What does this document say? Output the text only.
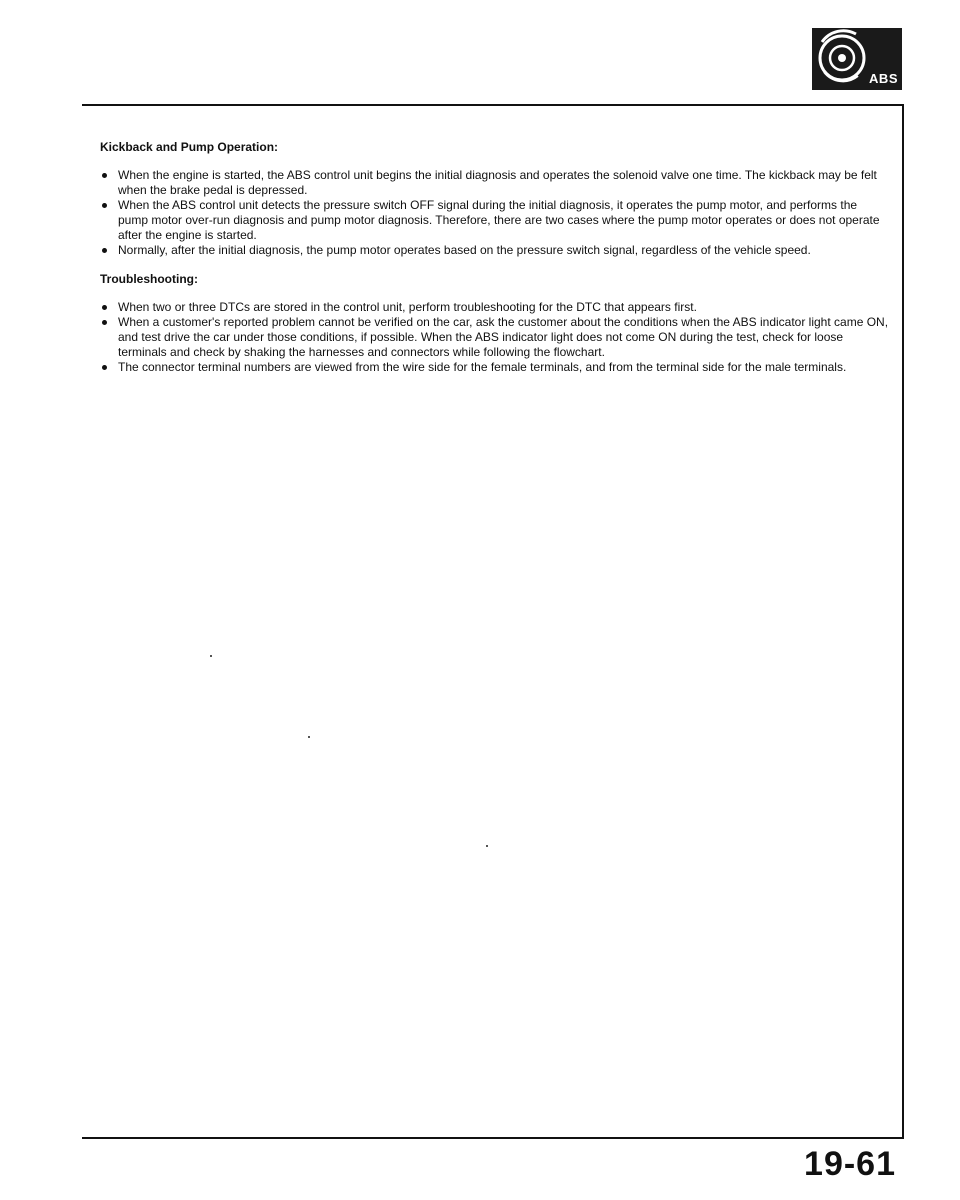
ABS
Kickback and Pump Operation:
When the engine is started, the ABS control unit begins the initial diagnosis and operates the solenoid valve one time. The kickback may be felt when the brake pedal is depressed.
When the ABS control unit detects the pressure switch OFF signal during the initial diagnosis, it operates the pump motor, and performs the pump motor over-run diagnosis and pump motor diagnosis. Therefore, there are two cases where the pump motor operates or does not operate after the engine is started.
Normally, after the initial diagnosis, the pump motor operates based on the pressure switch signal, regardless of the vehicle speed.
Troubleshooting:
When two or three DTCs are stored in the control unit, perform troubleshooting for the DTC that appears first.
When a customer's reported problem cannot be verified on the car, ask the customer about the conditions when the ABS indicator light came ON, and test drive the car under those conditions, if possible. When the ABS indicator light does not come ON during the test, check for loose terminals and check by shaking the harnesses and connectors while following the flowchart.
The connector terminal numbers are viewed from the wire side for the female terminals, and from the terminal side for the male terminals.
19-61
